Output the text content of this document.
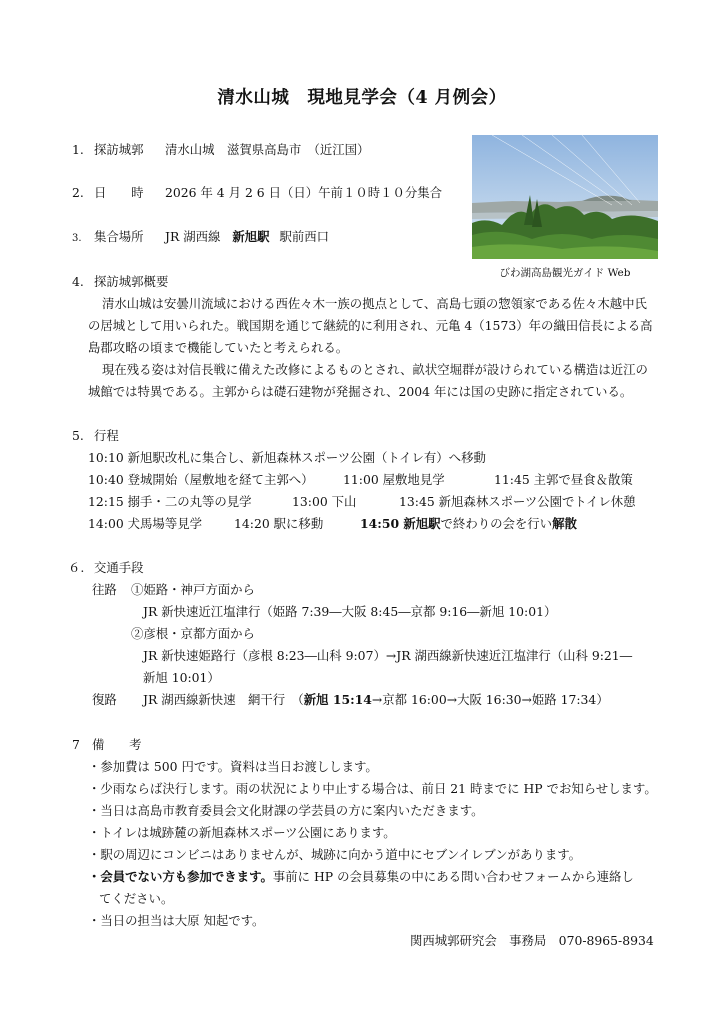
清水山城　現地見学会（4 月例会）
1. 探訪城郭 清水山城　滋賀県高島市　（近江国）
2. 日　　時 2026 年 4 月 2 6 日（日）午前１０時１０分集合
3. 集合場所 JR 湖西線 新旭駅 駅前西口
びわ湖高島観光ガイド Web
4. 探訪城郭概要
清水山城は安曇川流域における西佐々木一族の拠点として、高島七頭の惣領家である佐々木越中氏
の居城として用いられた。戦国期を通じて継続的に利用され、元亀 4（1573）年の織田信長による高
島郡攻略の頃まで機能していたと考えられる。
現在残る姿は対信長戦に備えた改修によるものとされ、畝状空堀群が設けられている構造は近江の
城館では特異である。主郭からは礎石建物が発掘され、2004 年には国の史跡に指定されている。
5. 行程
10:10 新旭駅改札に集合し、新旭森林スポーツ公園（トイレ有）へ移動
10:40 登城開始（屋敷地を経て主郭へ） 11:00 屋敷地見学	11:45 主郭で昼食＆散策
12:15 搦手・二の丸等の見学	13:00 下山	13:45 新旭森林スポーツ公園でトイレ休憩
14:00 犬馬場等見学	14:20 駅に移動	14:50 新旭駅で終わりの会を行い解散
６. 交通手段
往路 ①姫路・神戸方面から
JR 新快速近江塩津行（姫路 7:39―大阪 8:45―京都 9:16―新旭 10:01）
②彦根・京都方面から
JR 新快速姫路行（彦根 8:23―山科 9:07）→JR 湖西線新快速近江塩津行（山科 9:21―
新旭 10:01）
復路 JR 湖西線新快速　網干行　（新旭 15:14→京都 16:00→大阪 16:30→姫路 17:34）
7 備　　考
・参加費は 500 円です。資料は当日お渡しします。
・少雨ならば決行します。雨の状況により中止する場合は、前日 21 時までに HP でお知らせします。
・当日は高島市教育委員会文化財課の学芸員の方に案内いただきます。
・トイレは城跡麓の新旭森林スポーツ公園にあります。
・駅の周辺にコンビニはありませんが、城跡に向かう道中にセブンイレブンがあります。
・会員でない方も参加できます。事前に HP の会員募集の中にある問い合わせフォームから連絡し
てください。
・当日の担当は大原 知起です。
関西城郭研究会　事務局　070-8965-8934
